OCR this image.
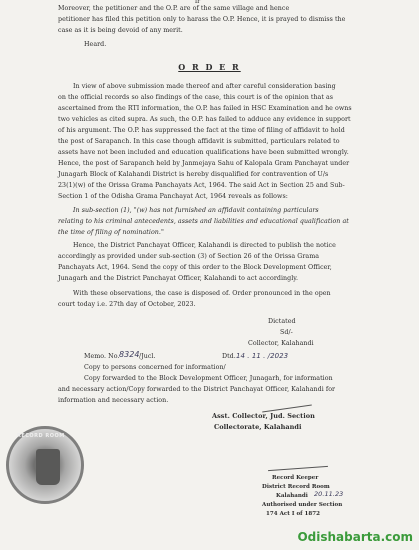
ir
Moreover, the petitioner and the O.P. are of the same village and hence
petitioner has filed this petition only to harass the O.P. Hence, it is prayed to dismiss the
case as it is being devoid of any merit.
Heard.
O R D E R
In view of above submission made thereof and after careful consideration basing
on the official records so also findings of the case, this court is of the opinion that as
ascertained from the RTI information, the O.P. has failed in HSC Examination and he owns
two vehicles as cited supra. As such, the O.P. has failed to adduce any evidence in support
of his argument. The O.P. has suppressed the fact at the time of filing of affidavit to hold
the post of Sarapanch. In this case though affidavit is submitted, particulars related to
assets have not been included and education qualifications have been submitted wrongly.
Hence, the post of Sarapanch held by Janmejaya Sahu of Kalopala Gram Panchayat under
Junagarh Block of Kalahandi District is hereby disqualified for contravention of U/s
23(1)(w) of the Orissa Grama Panchayats Act, 1964. The said Act in Section 25 and Sub-
Section 1 of the Odisha Grama Panchayat Act, 1964 reveals as follows:
In sub-section (1), "(w) has not furnished an affidavit containing particulars
relating to his criminal antecedents, assets and liabilities and educational qualification at
the time of filing of nomination."
Hence, the District Panchayat Officer, Kalahandi is directed to publish the notice
accordingly as provided under sub-section (3) of Section 26 of the Orissa Grama
Panchayats Act, 1964. Send the copy of this order to the Block Development Officer,
Junagarh and the District Panchayat Officer, Kalahandi to act accordingly.
With these observations, the case is disposed of. Order pronounced in the open
court today i.e. 27th day of October, 2023.
Dictated
Sd/-
Collector, Kalahandi
Memo. No. 8324 /Jucl.	Dtd. 14 . 11 . /2023
Copy to persons concerned for information/
Copy forwarded to the Block Development Officer, Junagarh, for information
and necessary action/Copy forwarded to the District Panchayat Officer, Kalahandi for
information and necessary action.
RECORD ROOM
Asst. Collector, Jud. Section
Collectorate, Kalahandi
Record Keeper
District Record Room
Kalahandi 20.11.23
Authorised under Section
174 Act I of 1872
Odishabarta.com
